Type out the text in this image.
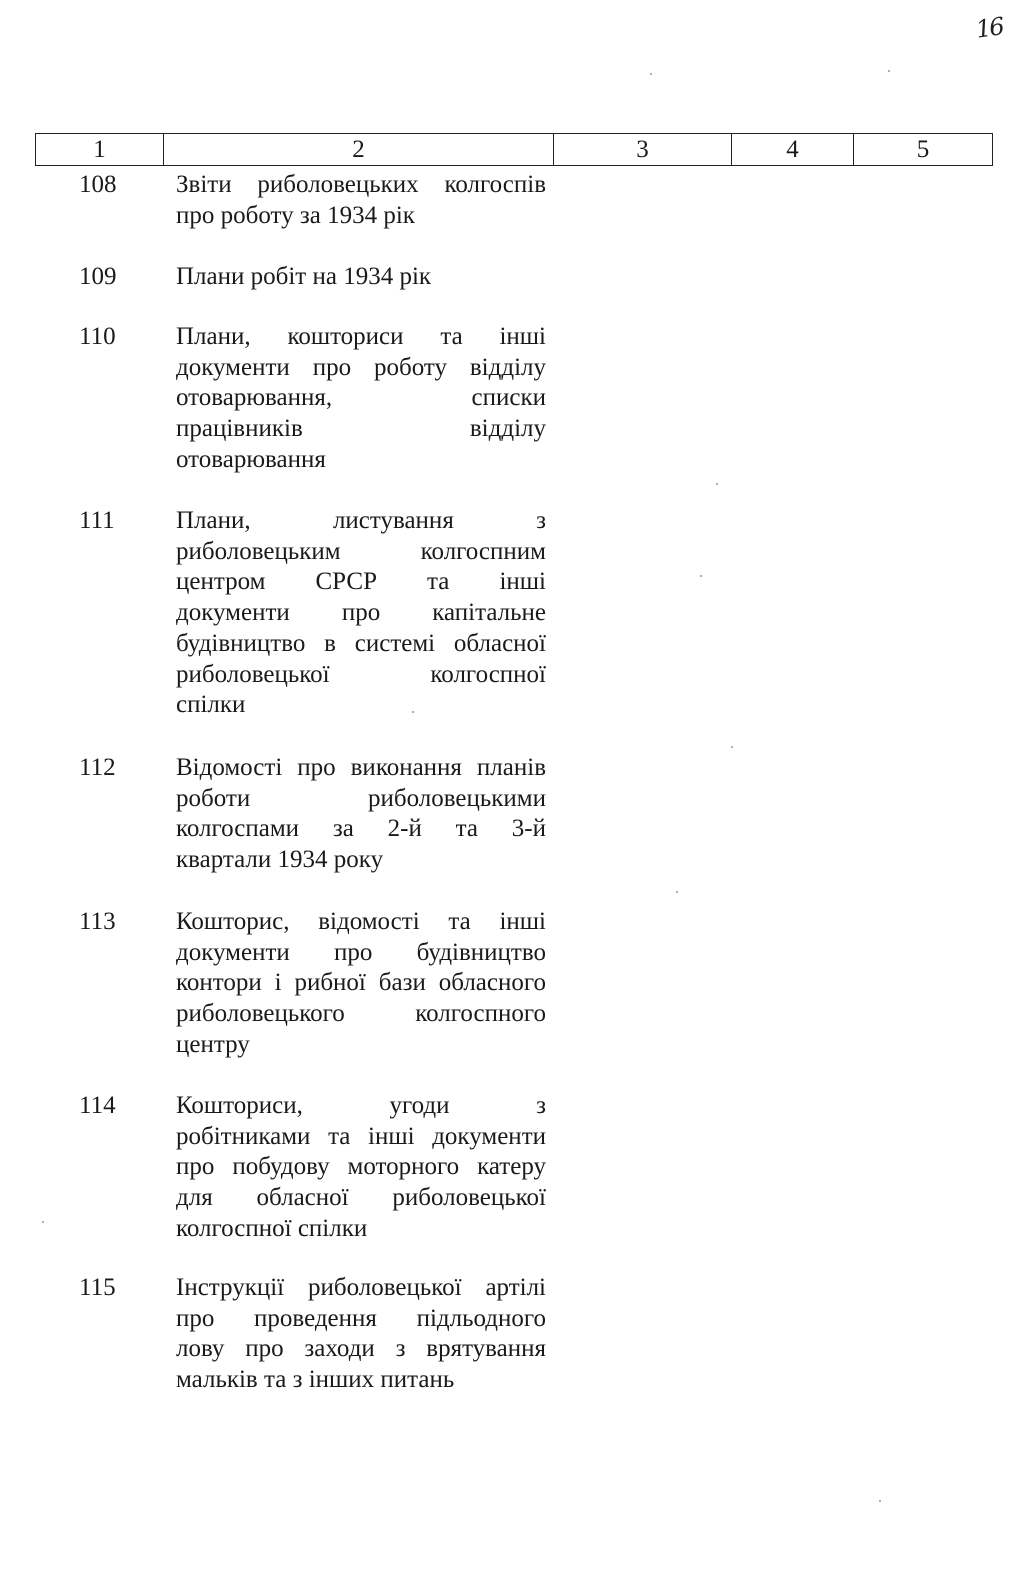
16
1	2	3	4	5
108 Звіти риболовецьких колгоспів
про роботу за 1934 рік
109 Плани робіт на 1934 рік
110 Плани, кошториси та інші
документи про роботу відділу
отоварювання, списки
працівників відділу
отоварювання
111 Плани, листування з
риболовецьким колгоспним
центром СРСР та інші
документи про капітальне
будівництво в системі обласної
риболовецької колгоспної
спілки
112 Відомості про виконання планів
роботи риболовецькими
колгоспами за 2-й та 3-й
квартали 1934 року
113 Кошторис, відомості та інші
документи про будівництво
контори і рибної бази обласного
риболовецького колгоспного
центру
114 Кошториси, угоди з
робітниками та інші документи
про побудову моторного катеру
для обласної риболовецької
колгоспної спілки
115 Інструкції риболовецької артілі
про проведення підльодного
лову про заходи з врятування
мальків та з інших питань
